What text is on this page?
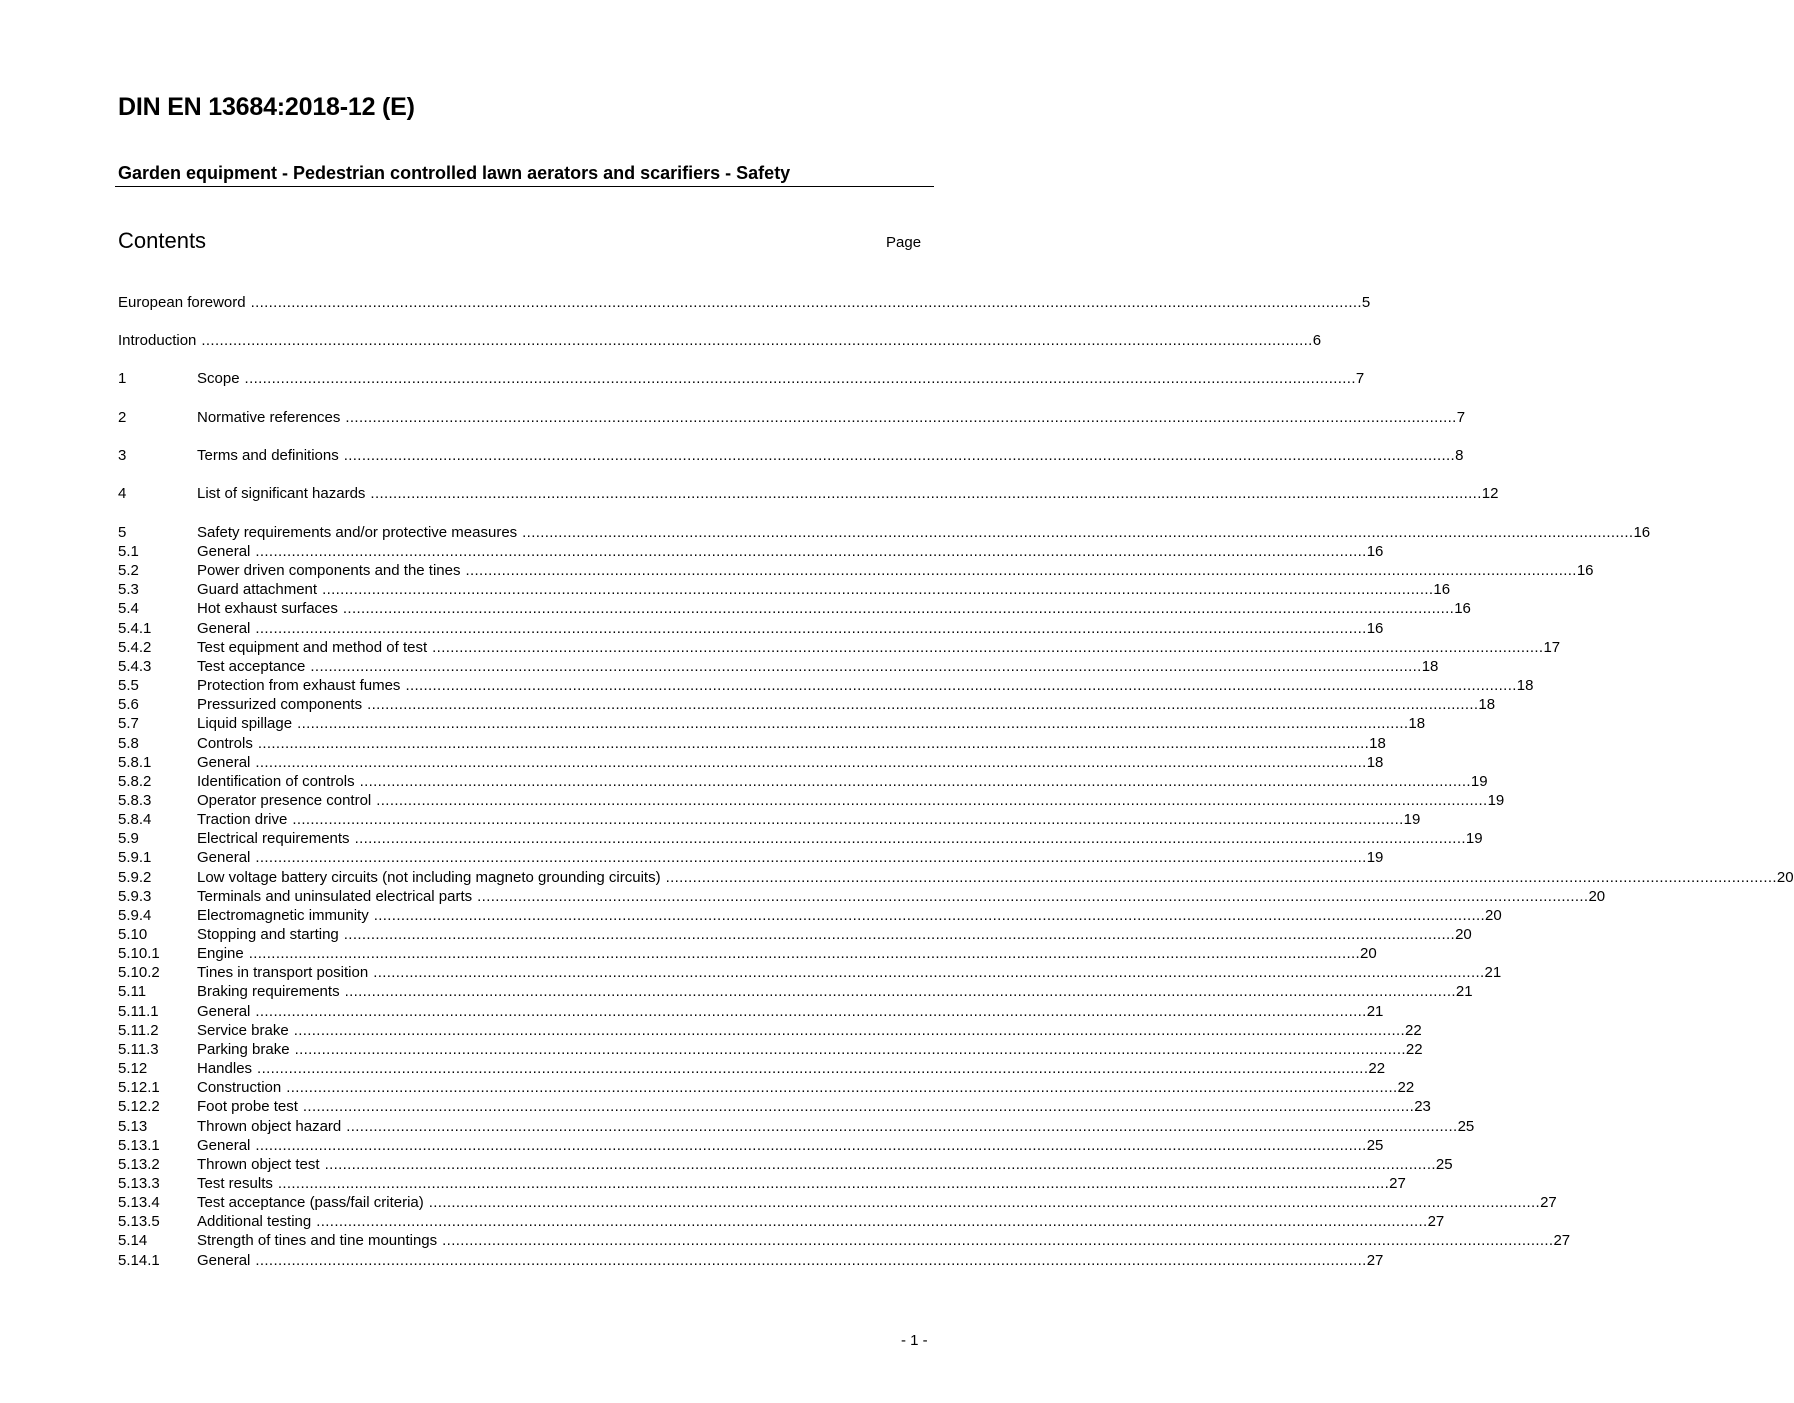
DIN EN 13684:2018-12 (E)
Garden equipment - Pedestrian controlled lawn aerators and scarifiers - Safety
Contents	Page
European foreword ...................................................................................................................................................................................................................................................... 5
Introduction ...................................................................................................................................................................................................................................................... 6
1	Scope ...................................................................................................................................................................................................................................................... 7
2	Normative references ...................................................................................................................................................................................................................................................... 7
3	Terms and definitions ...................................................................................................................................................................................................................................................... 8
4	List of significant hazards ...................................................................................................................................................................................................................................................... 12
5	Safety requirements and/or protective measures ...................................................................................................................................................................................................................................................... 16
5.1	General ...................................................................................................................................................................................................................................................... 16
5.2	Power driven components and the tines ...................................................................................................................................................................................................................................................... 16
5.3	Guard attachment ...................................................................................................................................................................................................................................................... 16
5.4	Hot exhaust surfaces ...................................................................................................................................................................................................................................................... 16
5.4.1	General ...................................................................................................................................................................................................................................................... 16
5.4.2	Test equipment and method of test ...................................................................................................................................................................................................................................................... 17
5.4.3	Test acceptance ...................................................................................................................................................................................................................................................... 18
5.5	Protection from exhaust fumes ...................................................................................................................................................................................................................................................... 18
5.6	Pressurized components ...................................................................................................................................................................................................................................................... 18
5.7	Liquid spillage ...................................................................................................................................................................................................................................................... 18
5.8	Controls ...................................................................................................................................................................................................................................................... 18
5.8.1	General ...................................................................................................................................................................................................................................................... 18
5.8.2	Identification of controls ...................................................................................................................................................................................................................................................... 19
5.8.3	Operator presence control ...................................................................................................................................................................................................................................................... 19
5.8.4	Traction drive ...................................................................................................................................................................................................................................................... 19
5.9	Electrical requirements ...................................................................................................................................................................................................................................................... 19
5.9.1	General ...................................................................................................................................................................................................................................................... 19
5.9.2	Low voltage battery circuits (not including magneto grounding circuits) ...................................................................................................................................................................................................................................................... 20
5.9.3	Terminals and uninsulated electrical parts ...................................................................................................................................................................................................................................................... 20
5.9.4	Electromagnetic immunity ...................................................................................................................................................................................................................................................... 20
5.10	Stopping and starting ...................................................................................................................................................................................................................................................... 20
5.10.1 Engine ...................................................................................................................................................................................................................................................... 20
5.10.2 Tines in transport position ...................................................................................................................................................................................................................................................... 21
5.11	Braking requirements ...................................................................................................................................................................................................................................................... 21
5.11.1	General ...................................................................................................................................................................................................................................................... 21
5.11.2	Service brake ...................................................................................................................................................................................................................................................... 22
5.11.3	Parking brake ...................................................................................................................................................................................................................................................... 22
5.12	Handles ...................................................................................................................................................................................................................................................... 22
5.12.1 Construction ...................................................................................................................................................................................................................................................... 22
5.12.2 Foot probe test ...................................................................................................................................................................................................................................................... 23
5.13	Thrown object hazard ...................................................................................................................................................................................................................................................... 25
5.13.1 General ...................................................................................................................................................................................................................................................... 25
5.13.2 Thrown object test ...................................................................................................................................................................................................................................................... 25
5.13.3 Test results ...................................................................................................................................................................................................................................................... 27
5.13.4 Test acceptance (pass/fail criteria) ...................................................................................................................................................................................................................................................... 27
5.13.5 Additional testing ...................................................................................................................................................................................................................................................... 27
5.14	Strength of tines and tine mountings ...................................................................................................................................................................................................................................................... 27
5.14.1 General ...................................................................................................................................................................................................................................................... 27
- 1 -
